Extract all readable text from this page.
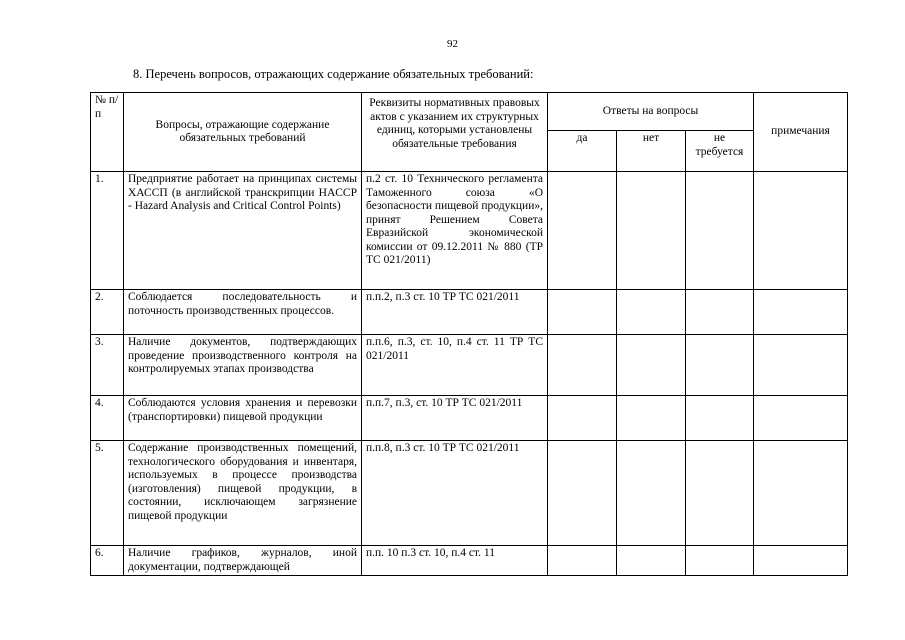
92
8. Перечень вопросов, отражающих содержание обязательных требований:
№ п/п	Вопросы, отражающие содержание обязательных требований	Реквизиты нормативных правовых актов с указанием их структурных единиц, которыми установлены обязательные требования	Ответы на вопросы			примечания
			да	нет	не требуется	
1.	Предприятие работает на принципах системы ХАССП (в английской транскрипции HACCP - Hazard Analysis and Critical Control Points)	п.2 ст. 10 Технического регламента Таможенного союза «О безопасности пищевой продукции», принят Решением Совета Евразийской экономической комиссии от 09.12.2011 № 880 (ТР ТС 021/2011)				
2.	Соблюдается последовательность и поточность производственных процессов.	п.п.2, п.3 ст. 10 ТР ТС 021/2011				
3.	Наличие документов, подтверждающих проведение производственного контроля на контролируемых этапах производства	п.п.6, п.3, ст. 10, п.4 ст. 11 ТР ТС 021/2011				
4.	Соблюдаются условия хранения и перевозки (транспортировки) пищевой продукции	п.п.7, п.3, ст. 10 ТР ТС 021/2011				
5.	Содержание производственных помещений, технологического оборудования и инвентаря, используемых в процессе производства (изготовления) пищевой продукции, в состоянии, исключающем загрязнение пищевой продукции	п.п.8, п.3 ст. 10 ТР ТС 021/2011				
6.	Наличие графиков, журналов, иной документации, подтверждающей	п.п. 10 п.3 ст. 10, п.4 ст. 11				
